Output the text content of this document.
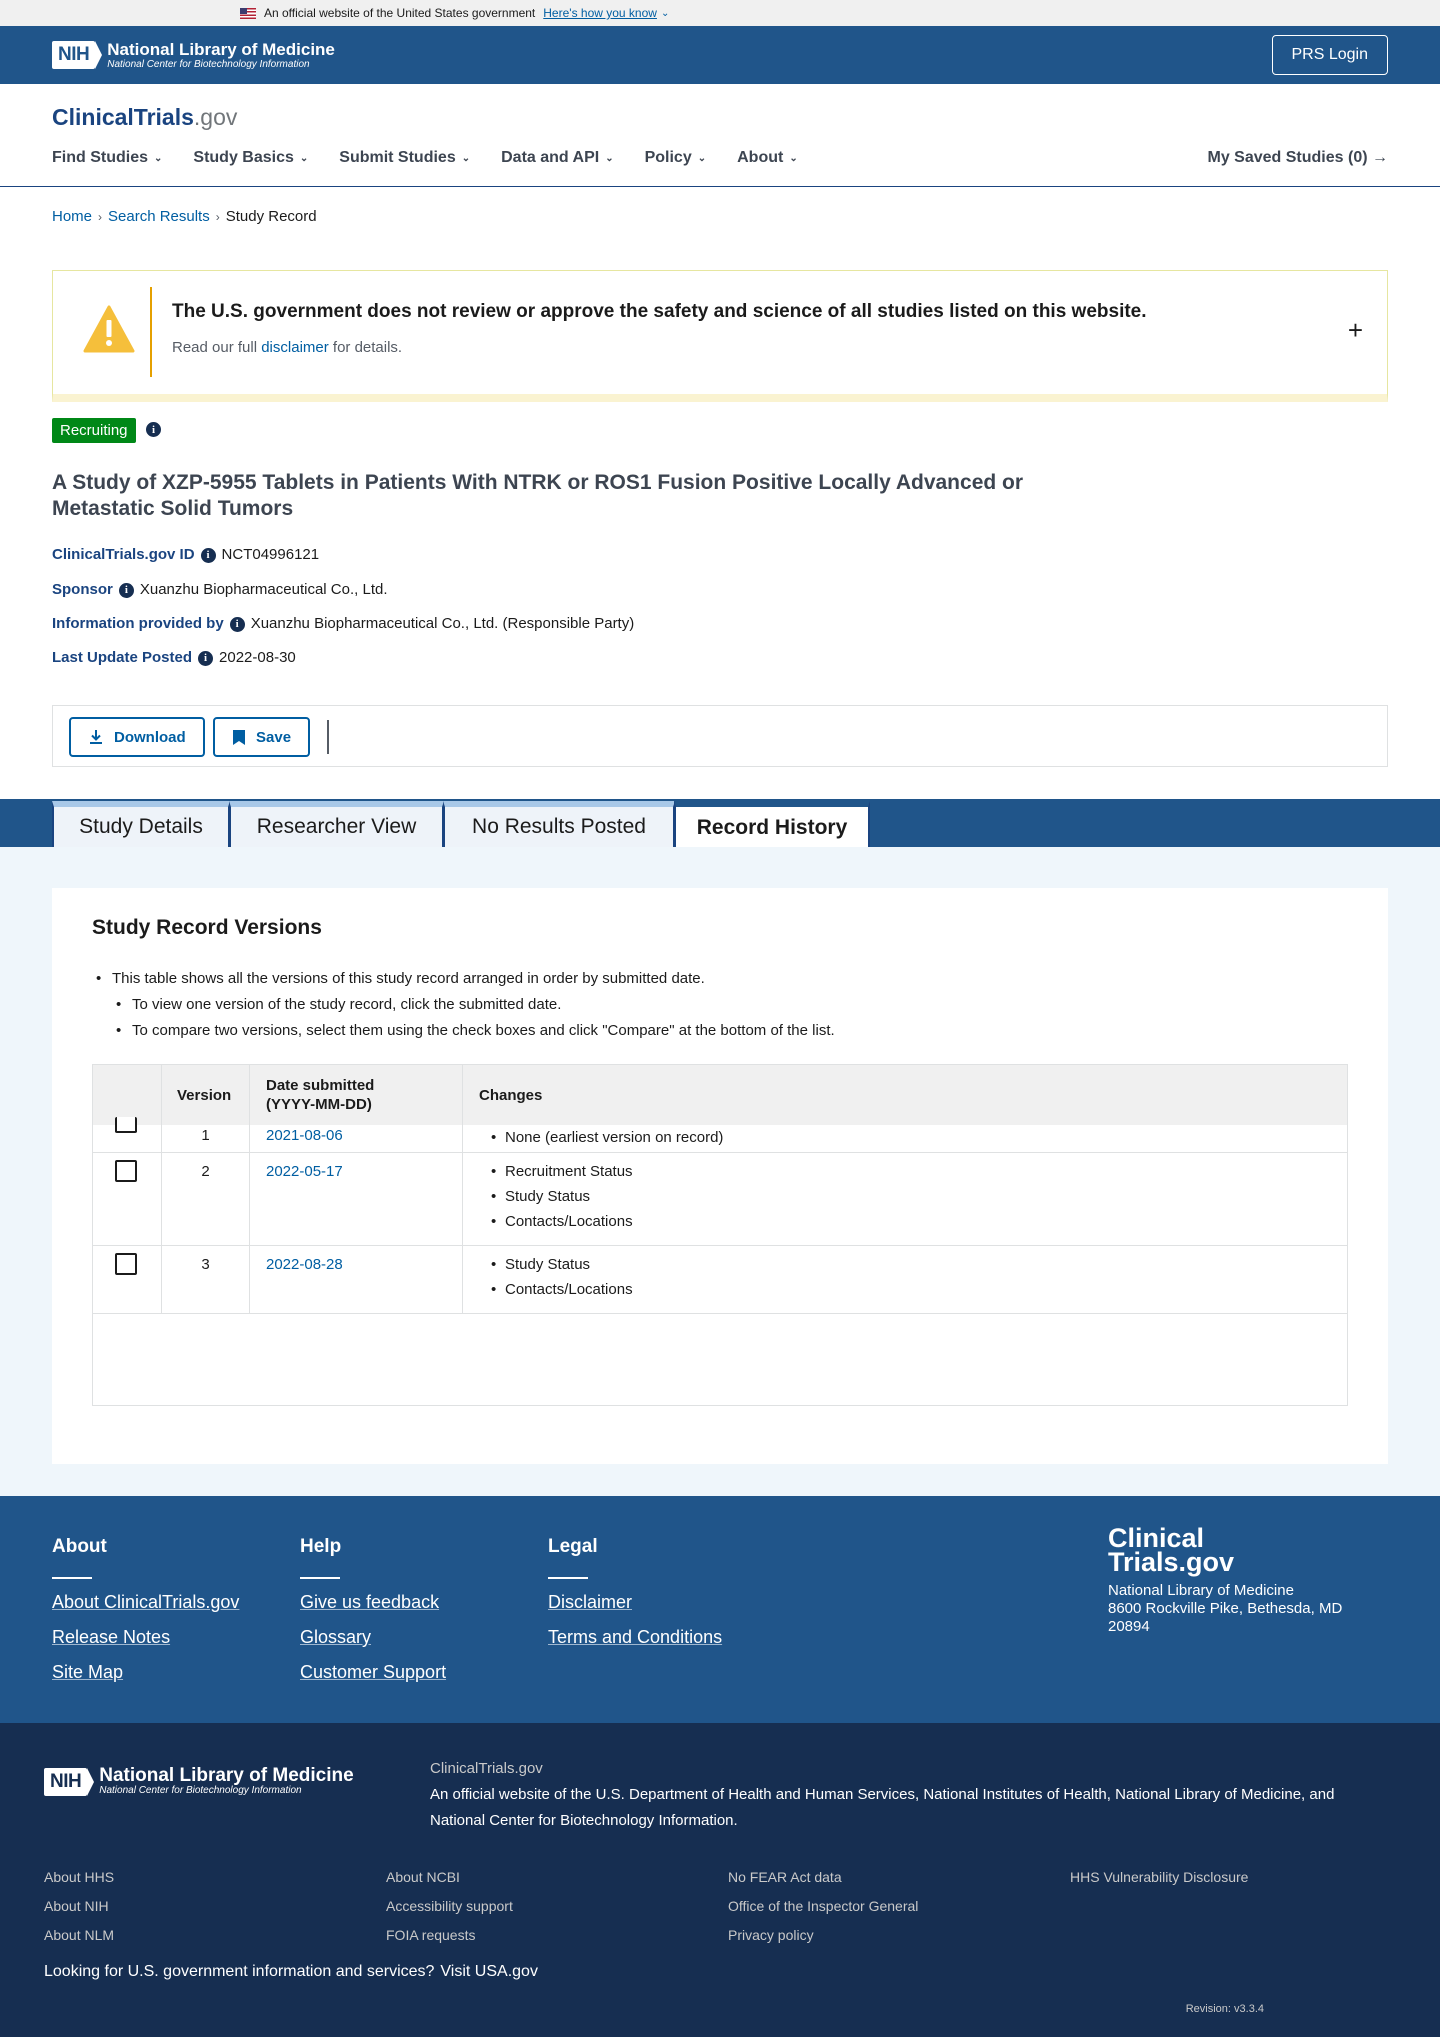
An official website of the United States government Here's how you know ⌄
NIH	National Library of Medicine
National Center for Biotechnology Information
PRS Login
ClinicalTrials.gov
Find Studies ⌄ Study Basics ⌄ Submit Studies ⌄ Data and API ⌄ Policy ⌄ About ⌄	My Saved Studies (0) →
Home › Search Results › Study Record
The U.S. government does not review or approve the safety and science of all studies listed on this website.
Read our full disclaimer for details.
+
Recruiting	i
A Study of XZP-5955 Tablets in Patients With NTRK or ROS1 Fusion Positive Locally Advanced or Metastatic Solid Tumors
ClinicalTrials.gov ID i NCT04996121
Sponsor i Xuanzhu Biopharmaceutical Co., Ltd.
Information provided by i Xuanzhu Biopharmaceutical Co., Ltd. (Responsible Party)
Last Update Posted i 2022-08-30
Download	Save
Study Details	Researcher View	No Results Posted	Record History
Study Record Versions
• This table shows all the versions of this study record arranged in order by submitted date.
• To view one version of the study record, click the submitted date.
• To compare two versions, select them using the check boxes and click "Compare" at the bottom of the list.
Version
Date submitted
(YYYY-MM-DD)
Changes
1	2021-08-06	• None (earliest version on record)
2	2022-05-17	• Recruitment Status
• Study Status
• Contacts/Locations
3	2022-08-28	• Study Status
• Contacts/Locations
About
About ClinicalTrials.gov
Release Notes
Site Map
Help
Give us feedback
Glossary
Customer Support
Legal
Disclaimer
Terms and Conditions
Clinical
Trials.gov
National Library of Medicine
8600 Rockville Pike, Bethesda, MD
20894
NIH National Library of Medicine
National Center for Biotechnology Information
ClinicalTrials.gov
An official website of the U.S. Department of Health and Human Services, National Institutes of Health, National Library of Medicine, and National Center for Biotechnology Information.
About HHS
About NIH
About NLM
About NCBI
Accessibility support
FOIA requests
No FEAR Act data
Office of the Inspector General
Privacy policy
HHS Vulnerability Disclosure
Looking for U.S. government information and services? Visit USA.gov
Revision: v3.3.4
